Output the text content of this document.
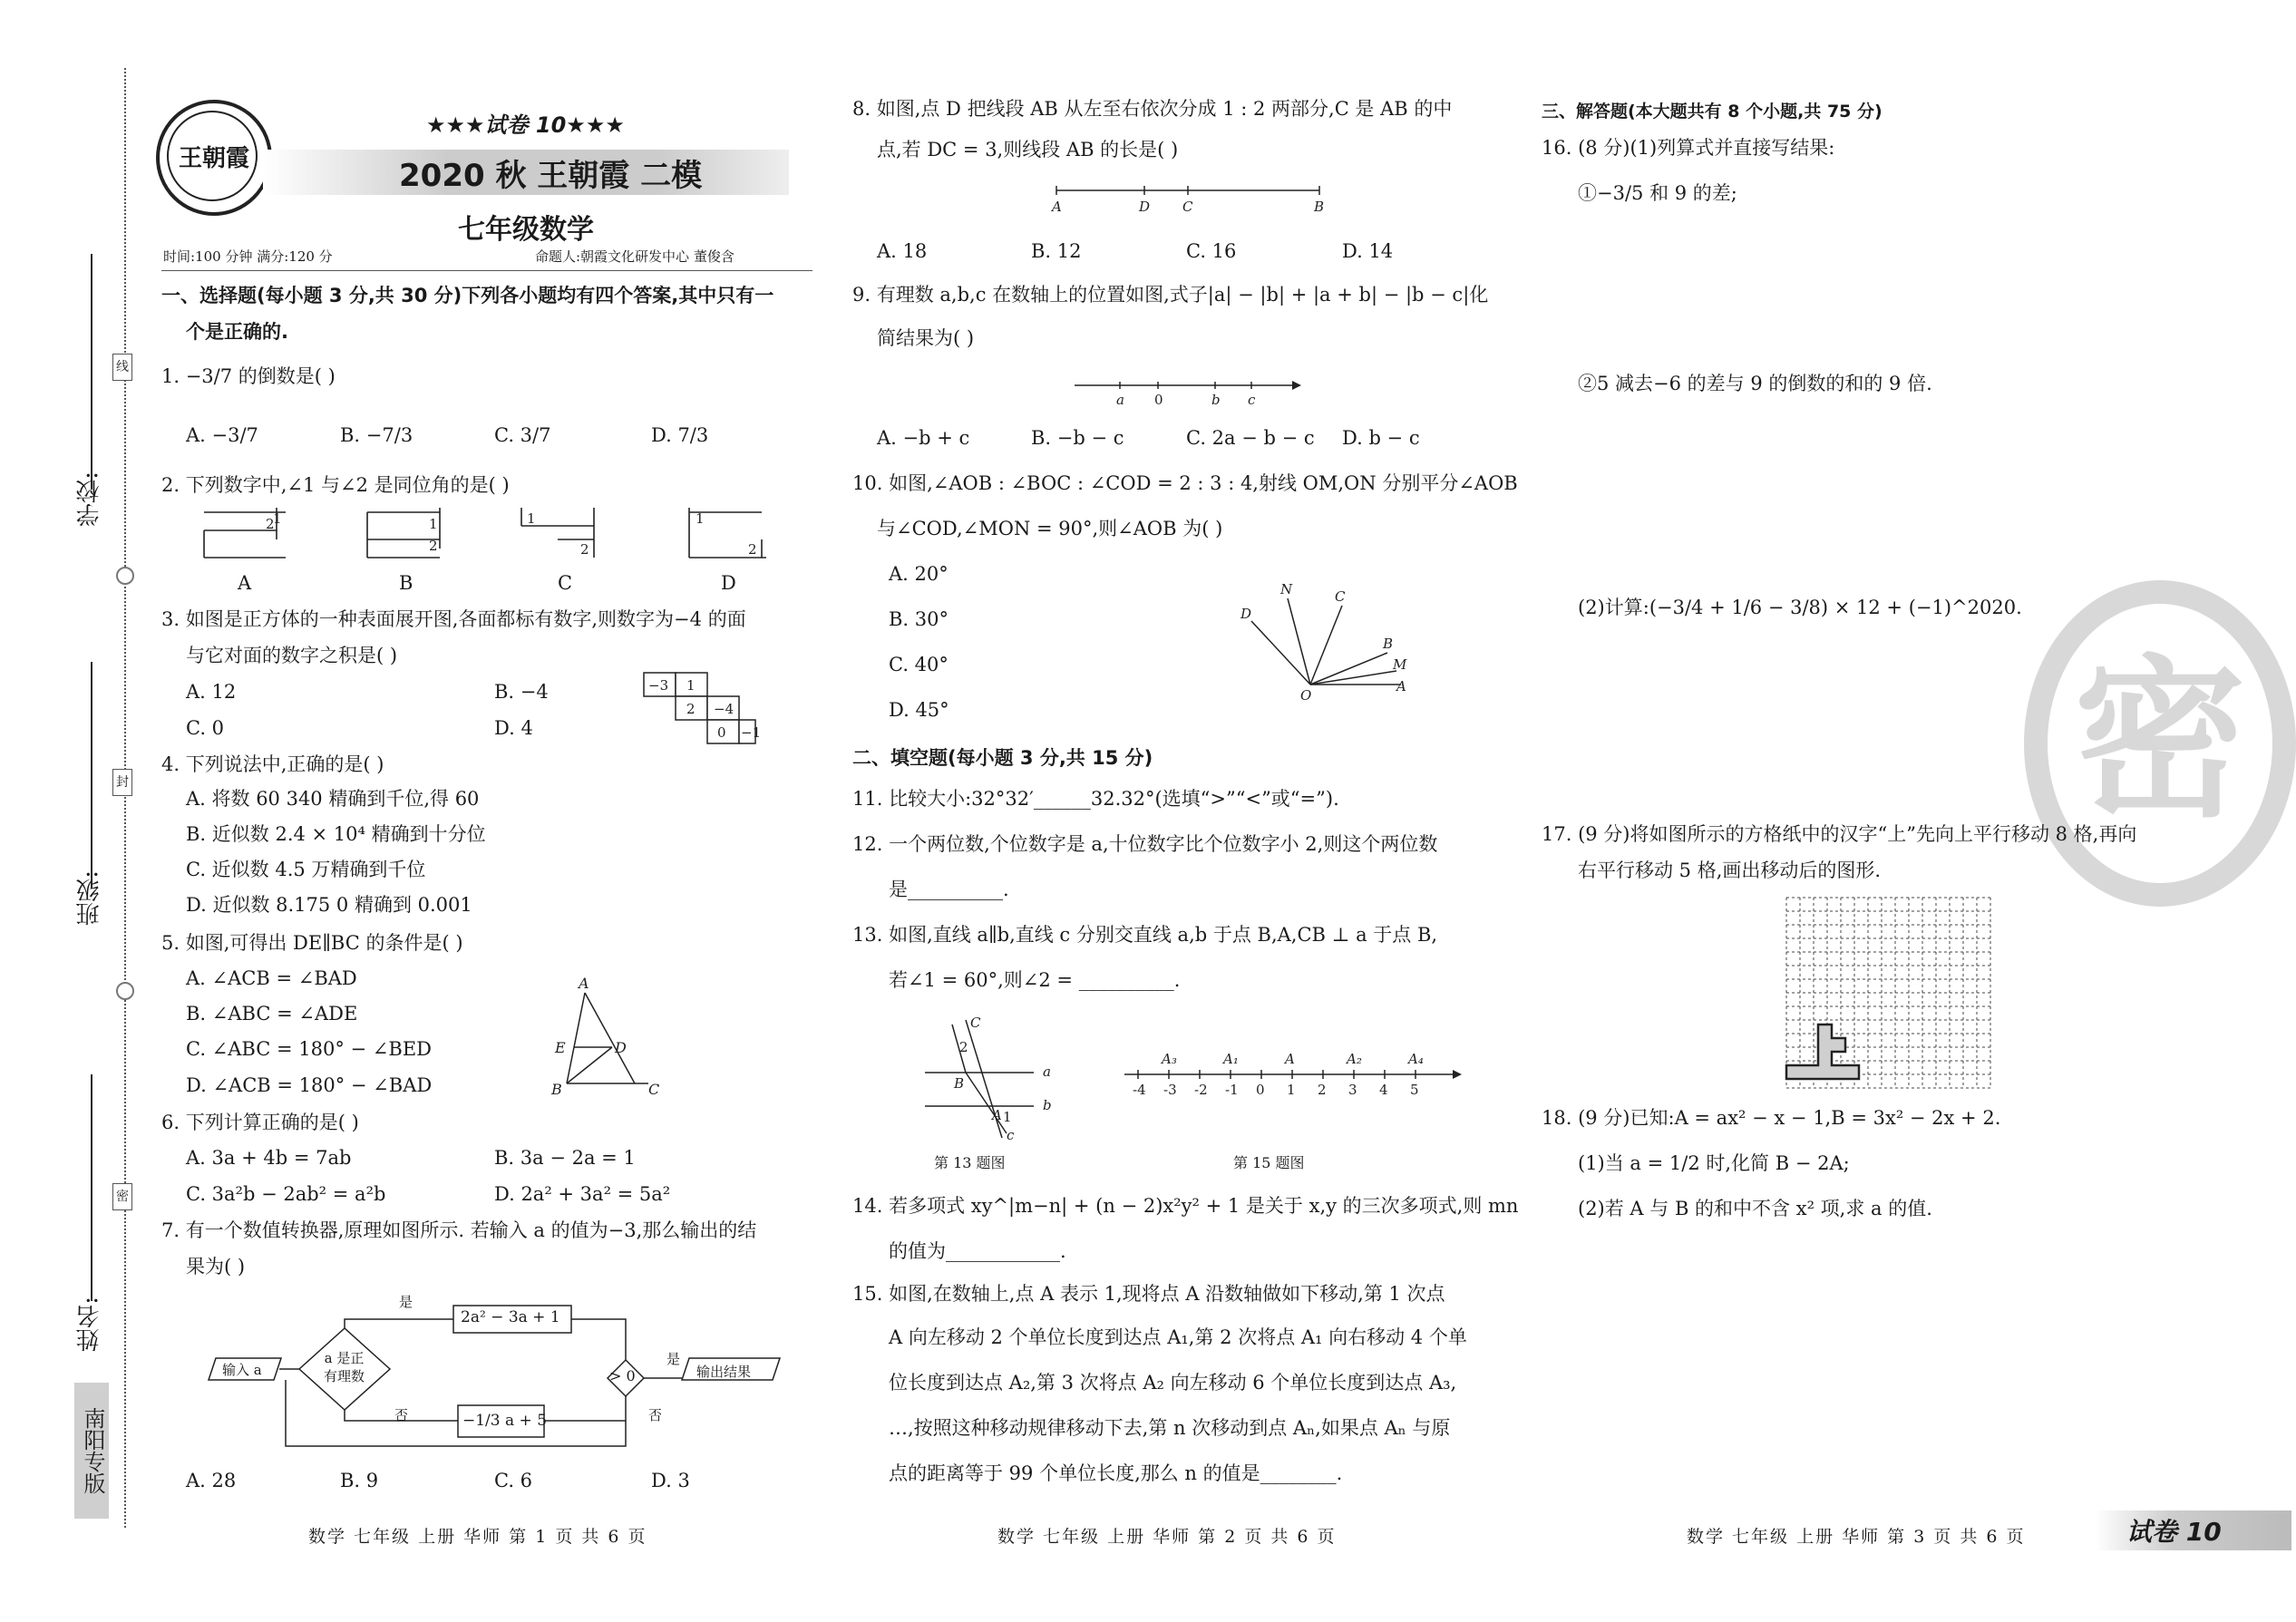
学校:
班级:
姓名:
线
封
密
南阳专版
王朝霞
★★★试卷 10★★★
2020 秋 王朝霞 二模
七年级数学
时间:100 分钟 满分:120 分	命题人:朝霞文化研发中心 董俊含
一、选择题(每小题 3 分,共 30 分)下列各小题均有四个答案,其中只有一
个是正确的.
1. −3/7 的倒数是( )
A. −3/7	B. −7/3	C. 3/7	D. 7/3
2. 下列数字中,∠1 与∠2 是同位角的是( )
2
1	1
2
1
2
1
2
A	B	C	D
3. 如图是正方体的一种表面展开图,各面都标有数字,则数字为−4 的面
与它对面的数字之积是( )
A. 12	B. −4
C. 0	D. 4
−3 1
2 −4
0 −1
4. 下列说法中,正确的是( )
A. 将数 60 340 精确到千位,得 60
B. 近似数 2.4 × 10⁴ 精确到十分位
C. 近似数 4.5 万精确到千位
D. 近似数 8.175 0 精确到 0.001
5. 如图,可得出 DE∥BC 的条件是( )
A. ∠ACB = ∠BAD
B. ∠ABC = ∠ADE
C. ∠ABC = 180° − ∠BED
D. ∠ACB = 180° − ∠BAD
A
E	D
B	C
6. 下列计算正确的是( )
A. 3a + 4b = 7ab	B. 3a − 2a = 1
C. 3a²b − 2ab² = a²b	D. 2a² + 3a² = 5a²
7. 有一个数值转换器,原理如图所示. 若输入 a 的值为−3,那么输出的结
果为( )
输入 a
a 是正有理数
是
否
2a² − 3a + 1
−1/3 a + 5
> 0
是
否
输出结果
A. 28	B. 9	C. 6	D. 3
8. 如图,点 D 把线段 AB 从左至右依次分成 1 : 2 两部分,C 是 AB 的中
点,若 DC = 3,则线段 AB 的长是( )
A	D C	B
A. 18	B. 12	C. 16	D. 14
9. 有理数 a,b,c 在数轴上的位置如图,式子|a| − |b| + |a + b| − |b − c|化
简结果为( )
a 0	b c
A. −b + c	B. −b − c	C. 2a − b − c D. b − c
10. 如图,∠AOB : ∠BOC : ∠COD = 2 : 3 : 4,射线 OM,ON 分别平分∠AOB
与∠COD,∠MON = 90°,则∠AOB 为( )
A. 20°
B. 30°
C. 40°
D. 45°
A
M
B
C
N
D
O
二、填空题(每小题 3 分,共 15 分)
11. 比较大小:32°32′______32.32°(选填“>”“<”或“=”).
12. 一个两位数,个位数字是 a,十位数字比个位数字小 2,则这个两位数
是__________.
13. 如图,直线 a∥b,直线 c 分别交直线 a,b 于点 B,A,CB ⊥ a 于点 B,
若∠1 = 60°,则∠2 = __________.
C
2
B
a
b
A 1
c
第 13 题图
-4 -3 -2 -1 0 1 2 3 4 5
A₃	A₁	A	A₂	A₄
第 15 题图
14. 若多项式 xy^|m−n| + (n − 2)x²y² + 1 是关于 x,y 的三次多项式,则 mn
的值为____________.
15. 如图,在数轴上,点 A 表示 1,现将点 A 沿数轴做如下移动,第 1 次点
A 向左移动 2 个单位长度到达点 A₁,第 2 次将点 A₁ 向右移动 4 个单
位长度到达点 A₂,第 3 次将点 A₂ 向左移动 6 个单位长度到达点 A₃,
…,按照这种移动规律移动下去,第 n 次移动到点 Aₙ,如果点 Aₙ 与原
点的距离等于 99 个单位长度,那么 n 的值是________.
三、解答题(本大题共有 8 个小题,共 75 分)
16. (8 分)(1)列算式并直接写结果:
①−3/5 和 9 的差;
②5 减去−6 的差与 9 的倒数的和的 9 倍.
(2)计算:(−3/4 + 1/6 − 3/8) × 12 + (−1)^2020.
密
17. (9 分)将如图所示的方格纸中的汉字“上”先向上平行移动 8 格,再向
右平行移动 5 格,画出移动后的图形.
18. (9 分)已知:A = ax² − x − 1,B = 3x² − 2x + 2.
(1)当 a = 1/2 时,化简 B − 2A;
(2)若 A 与 B 的和中不含 x² 项,求 a 的值.
数学 七年级 上册 华师 第 1 页 共 6 页	数学 七年级 上册 华师 第 2 页 共 6 页	数学 七年级 上册 华师 第 3 页 共 6 页	试卷 10
